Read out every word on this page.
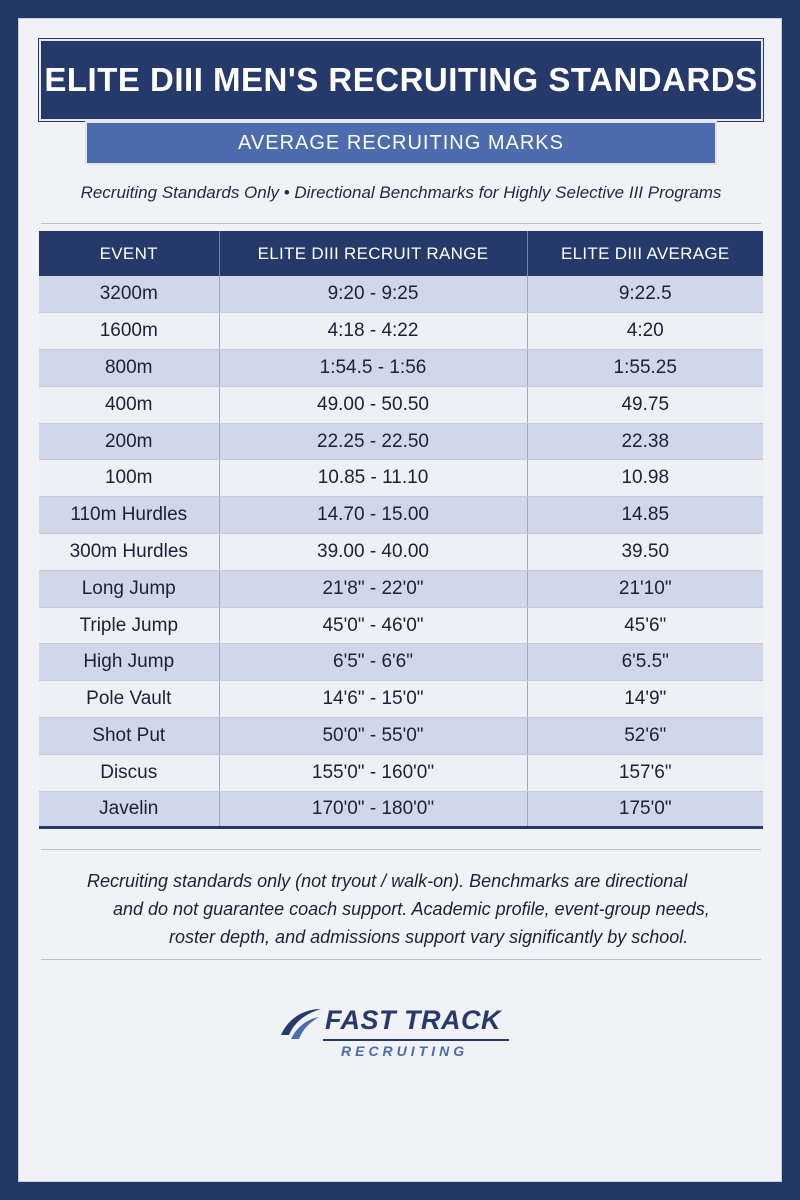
ELITE DIII MEN'S RECRUITING STANDARDS
AVERAGE RECRUITING MARKS
Recruiting Standards Only • Directional Benchmarks for Highly Selective III Programs
EVENT	ELITE DIII RECRUIT RANGE	ELITE DIII AVERAGE
3200m	9:20 - 9:25	9:22.5
1600m	4:18 - 4:22	4:20
800m	1:54.5 - 1:56	1:55.25
400m	49.00 - 50.50	49.75
200m	22.25 - 22.50	22.38
100m	10.85 - 11.10	10.98
110m Hurdles	14.70 - 15.00	14.85
300m Hurdles	39.00 - 40.00	39.50
Long Jump	21'8" - 22'0"	21'10"
Triple Jump	45'0" - 46'0"	45'6"
High Jump	6'5" - 6'6"	6'5.5"
Pole Vault	14'6" - 15'0"	14'9"
Shot Put	50'0" - 55'0"	52'6"
Discus	155'0" - 160'0"	157'6"
Javelin	170'0" - 180'0"	175'0"
Recruiting standards only (not tryout / walk-on). Benchmarks are directional
and do not guarantee coach support. Academic profile, event-group needs,
roster depth, and admissions support vary significantly by school.
FAST TRACK
RECRUITING
